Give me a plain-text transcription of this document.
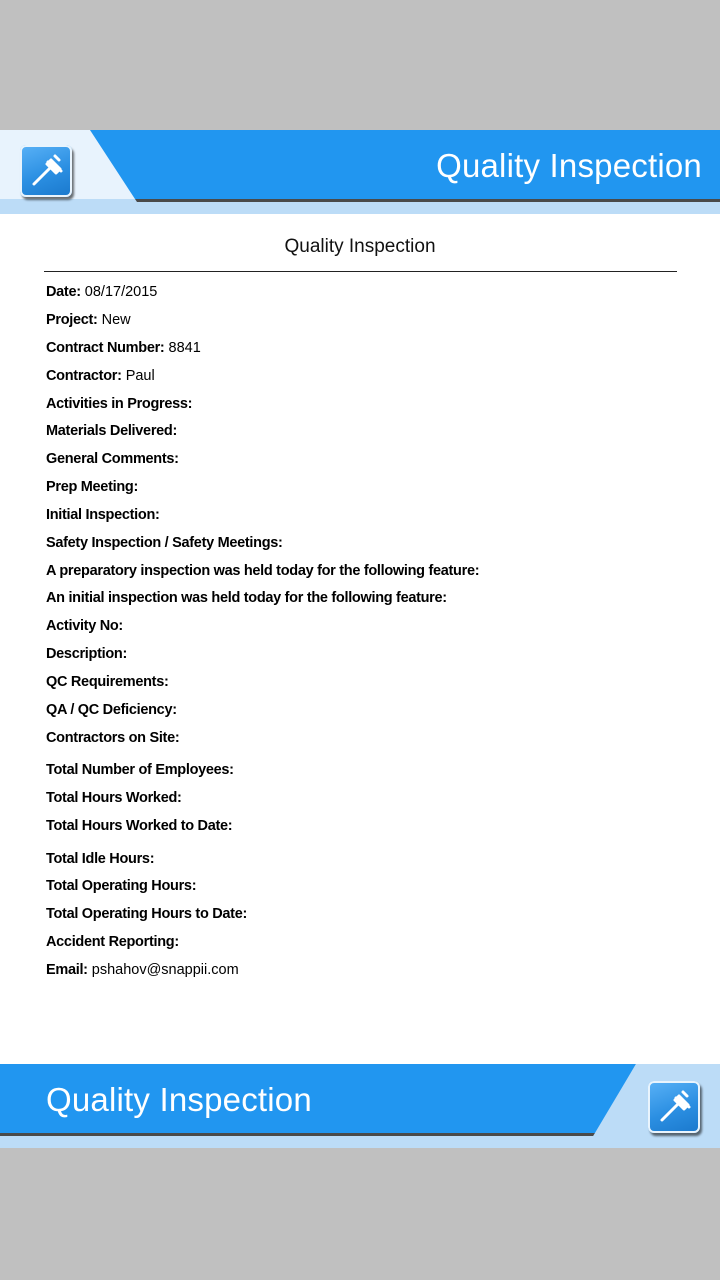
Quality Inspection
Quality Inspection
Date: 08/17/2015
Project: New
Contract Number: 8841
Contractor: Paul
Activities in Progress:
Materials Delivered:
General Comments:
Prep Meeting:
Initial Inspection:
Safety Inspection / Safety Meetings:
A preparatory inspection was held today for the following feature:
An initial inspection was held today for the following feature:
Activity No:
Description:
QC Requirements:
QA / QC Deficiency:
Contractors on Site:
Total Number of Employees:
Total Hours Worked:
Total Hours Worked to Date:
Total Idle Hours:
Total Operating Hours:
Total Operating Hours to Date:
Accident Reporting:
Email: pshahov@snappii.com
Quality Inspection
